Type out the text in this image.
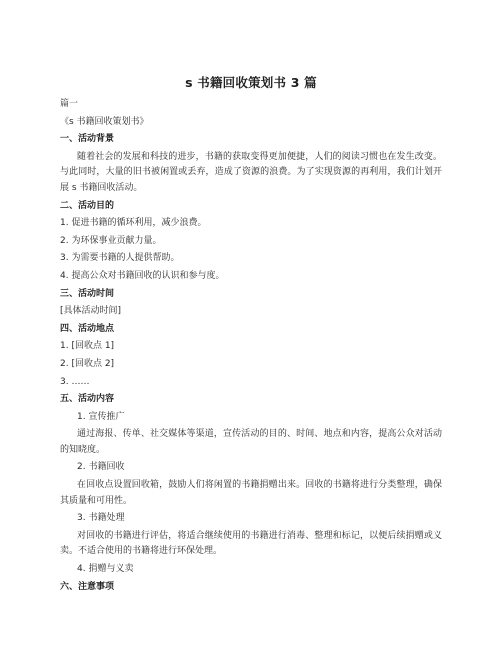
s 书籍回收策划书 3 篇
篇一
《s 书籍回收策划书》
一、活动背景
随着社会的发展和科技的进步，书籍的获取变得更加便捷，人们的阅读习惯也在发生改变。与此同时，大量的旧书被闲置或丢弃，造成了资源的浪费。为了实现资源的再利用，我们计划开展 s 书籍回收活动。
二、活动目的
1. 促进书籍的循环利用，减少浪费。
2. 为环保事业贡献力量。
3. 为需要书籍的人提供帮助。
4. 提高公众对书籍回收的认识和参与度。
三、活动时间
[具体活动时间]
四、活动地点
1. [回收点 1]
2. [回收点 2]
3. ……
五、活动内容
1. 宣传推广
通过海报、传单、社交媒体等渠道，宣传活动的目的、时间、地点和内容，提高公众对活动的知晓度。
2. 书籍回收
在回收点设置回收箱，鼓励人们将闲置的书籍捐赠出来。回收的书籍将进行分类整理，确保其质量和可用性。
3. 书籍处理
对回收的书籍进行评估，将适合继续使用的书籍进行消毒、整理和标记，以便后续捐赠或义卖。不适合使用的书籍将进行环保处理。
4. 捐赠与义卖
六、注意事项
